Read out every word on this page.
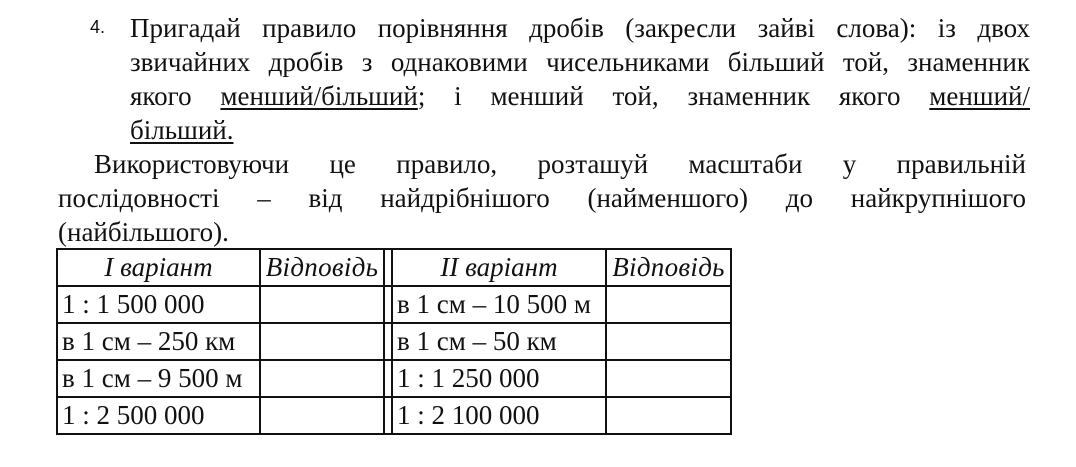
4. Пригадай правило порівняння дробів (закресли зайві слова): із двох
звичайних дробів з однаковими чисельниками більший той, знаменник
якого менший/більший; і менший той, знаменник якого менший/
більший.
Використовуючи це правило, розташуй масштаби у правильній
послідовності – від найдрібнішого (найменшого) до найкрупнішого
(найбільшого).
I варіант	Відповідь		II варіант	Відповідь
1 : 1 500 000			в 1 см – 10 500 м	
в 1 см – 250 км			в 1 см – 50 км	
в 1 см – 9 500 м			1 : 1 250 000	
1 : 2 500 000			1 : 2 100 000	
